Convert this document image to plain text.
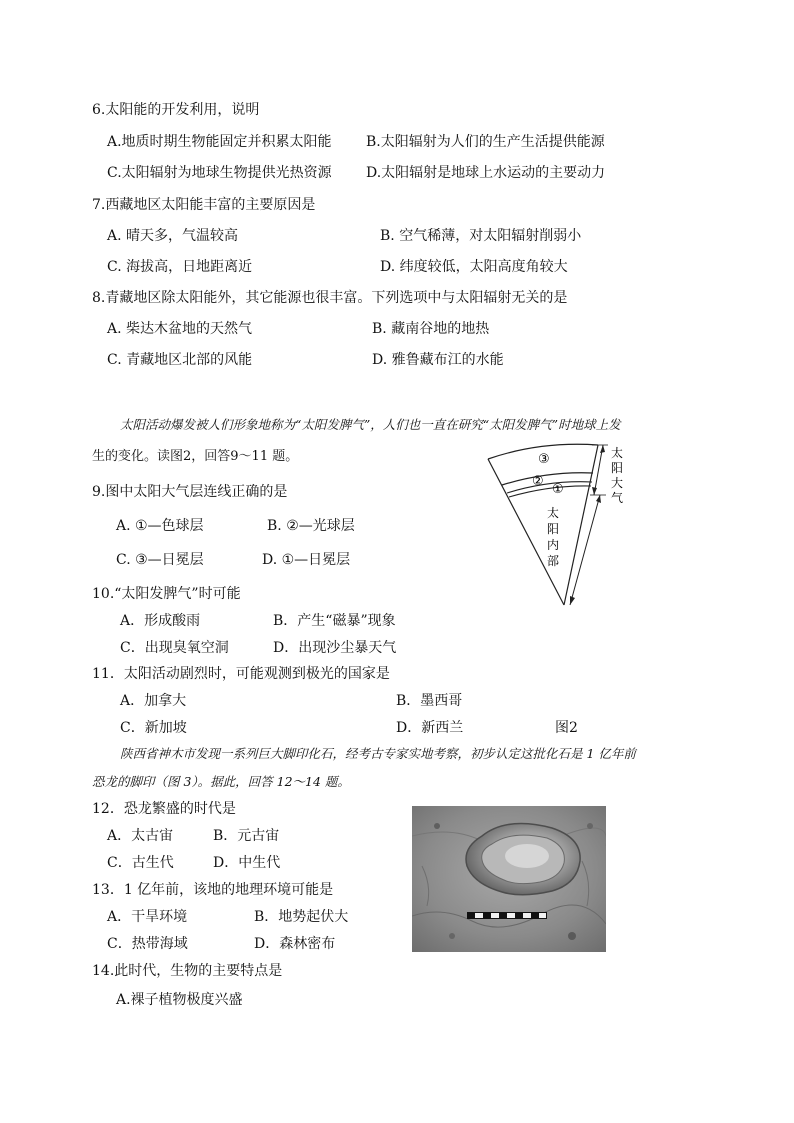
6.太阳能的开发利用，说明
A.地质时期生物能固定并积累太阳能 B.太阳辐射为人们的生产生活提供能源
C.太阳辐射为地球生物提供光热资源 D.太阳辐射是地球上水运动的主要动力
7.西藏地区太阳能丰富的主要原因是
A. 晴天多，气温较高	B. 空气稀薄，对太阳辐射削弱小
C. 海拔高，日地距离近	D. 纬度较低，太阳高度角较大
8.青藏地区除太阳能外，其它能源也很丰富。下列选项中与太阳辐射无关的是
A. 柴达木盆地的天然气	B. 藏南谷地的地热
C. 青藏地区北部的风能	D. 雅鲁藏布江的水能
太阳活动爆发被人们形象地称为“太阳发脾气”，人们也一直在研究“太阳发脾气”时地球上发
生的变化。读图2，回答9～11 题。
9.图中太阳大气层连线正确的是
A. ①—色球层	B. ②—光球层
C. ③—日冕层	D. ①—日冕层
10.“太阳发脾气”时可能
A．形成酸雨	B．产生“磁暴”现象
C．出现臭氧空洞	D．出现沙尘暴天气
11．太阳活动剧烈时，可能观测到极光的国家是
A．加拿大	B．墨西哥
C．新加坡	D．新西兰	图2
③
②
①
太
阳
大
气
太
阳
内
部
陕西省神木市发现一系列巨大脚印化石，经考古专家实地考察，初步认定这批化石是 1 亿年前
恐龙的脚印（图 3）。据此，回答 12～14 题。
12．恐龙繁盛的时代是
A．太古宙	B．元古宙
C．古生代	D．中生代
13．1 亿年前，该地的地理环境可能是
A．干旱环境	B．地势起伏大
C．热带海域	D．森林密布
14.此时代，生物的主要特点是
A.裸子植物极度兴盛
